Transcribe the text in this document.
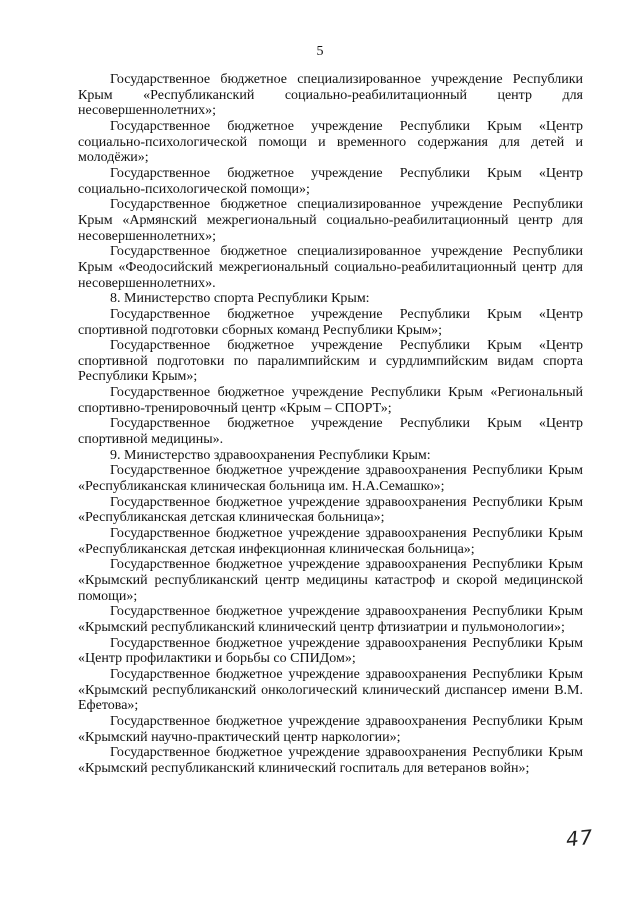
5

Государственное бюджетное специализированное учреждение Республики Крым «Республиканский социально-реабилитационный центр для несовершеннолетних»;

Государственное бюджетное учреждение Республики Крым «Центр социально-психологической помощи и временного содержания для детей и молодёжи»;

Государственное бюджетное учреждение Республики Крым «Центр социально-психологической помощи»;

Государственное бюджетное специализированное учреждение Республики Крым «Армянский межрегиональный социально-реабилитационный центр для несовершеннолетних»;

Государственное бюджетное специализированное учреждение Республики Крым «Феодосийский межрегиональный социально-реабилитационный центр для несовершеннолетних».

8. Министерство спорта Республики Крым:

Государственное бюджетное учреждение Республики Крым «Центр спортивной подготовки сборных команд Республики Крым»;

Государственное бюджетное учреждение Республики Крым «Центр спортивной подготовки по паралимпийским и сурдлимпийским видам спорта Республики Крым»;

Государственное бюджетное учреждение Республики Крым «Региональный спортивно-тренировочный центр «Крым – СПОРТ»;

Государственное бюджетное учреждение Республики Крым «Центр спортивной медицины».

9. Министерство здравоохранения Республики Крым:

Государственное бюджетное учреждение здравоохранения Республики Крым «Республиканская клиническая больница им. Н.А.Семашко»;

Государственное бюджетное учреждение здравоохранения Республики Крым «Республиканская детская клиническая больница»;

Государственное бюджетное учреждение здравоохранения Республики Крым «Республиканская детская инфекционная клиническая больница»;

Государственное бюджетное учреждение здравоохранения Республики Крым «Крымский республиканский центр медицины катастроф и скорой медицинской помощи»;

Государственное бюджетное учреждение здравоохранения Республики Крым «Крымский республиканский клинический центр фтизиатрии и пульмонологии»;

Государственное бюджетное учреждение здравоохранения Республики Крым «Центр профилактики и борьбы со СПИДом»;

Государственное бюджетное учреждение здравоохранения Республики Крым «Крымский республиканский онкологический клинический диспансер имени В.М. Ефетова»;

Государственное бюджетное учреждение здравоохранения Республики Крым «Крымский научно-практический центр наркологии»;

Государственное бюджетное учреждение здравоохранения Республики Крым «Крымский республиканский клинический госпиталь для ветеранов войн»;

47
